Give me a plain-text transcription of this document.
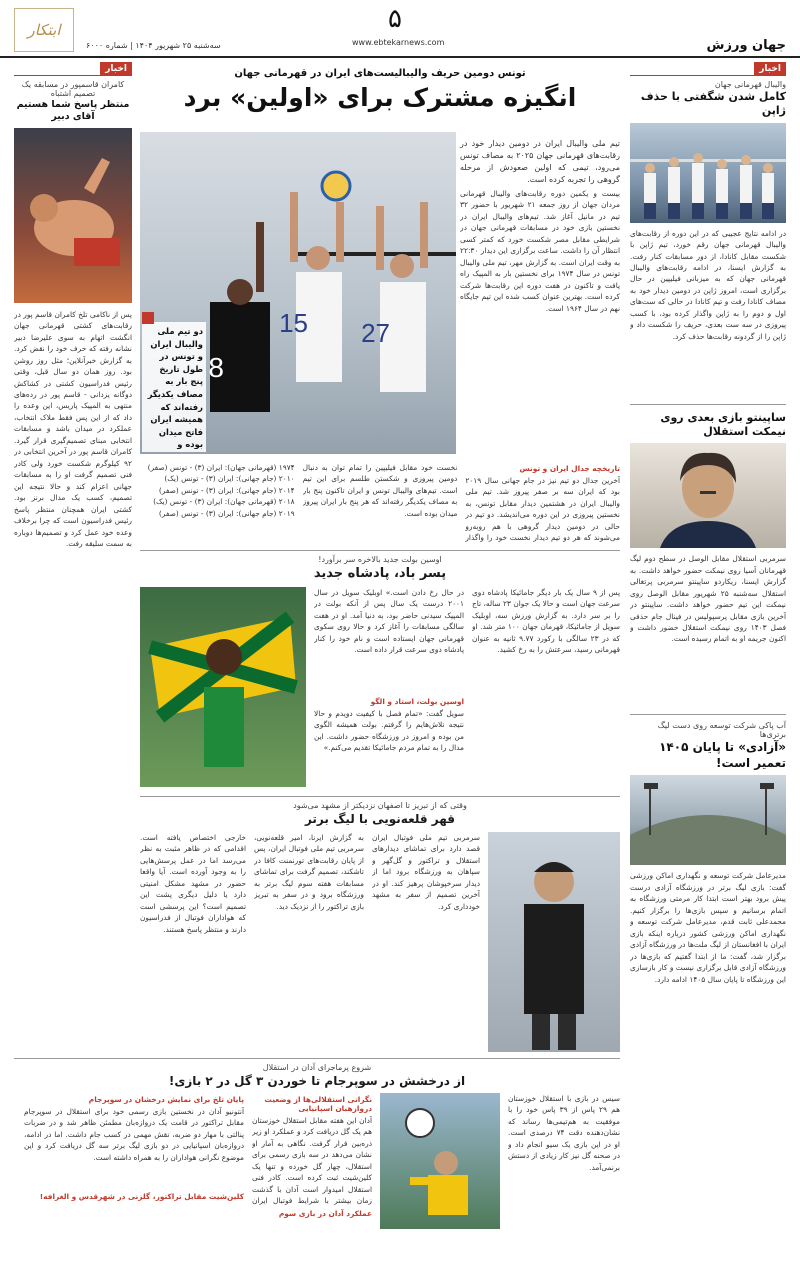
جهان ورزش
۵
www.ebtekarnews.com
سه‌شنبه ۲۵ شهریور ۱۴۰۴ | شماره ۶۰۰۰
ابتکار
اخبار
والیبال قهرمانی جهان
کامل شدن شگفتی با حذف ژاپن
در ادامه نتایج عجیبی که در این دوره از رقابت‌های والیبال قهرمانی جهان رقم خورد، تیم ژاپن با شکست مقابل کانادا، از دور مسابقات کنار رفت. به گزارش ایسنا، در ادامه رقابت‌های والیبال قهرمانی جهان که به میزبانی فیلیپین در حال برگزاری است، امروز ژاپن در دومین دیدار خود به مصاف کانادا رفت و تیم کانادا در حالی که ست‌های اول و دوم را به ژاپن واگذار کرده بود، با کسب پیروزی در سه ست بعدی، حریف را شکست داد و ژاپن را از گردونه رقابت‌ها حذف کرد.
ساپینتو بازی بعدی روی نیمکت استقلال
سرمربی استقلال مقابل الوصل در سطح دوم لیگ قهرمانان آسیا روی نیمکت حضور خواهد داشت. به گزارش ایسنا، ریکاردو ساپینتو سرمربی پرتغالی استقلال سه‌شنبه ۲۵ شهریور مقابل الوصل روی نیمکت این تیم حضور خواهد داشت. ساپینتو در آخرین بازی مقابل پرسپولیس در فینال جام حذفی فصل ۱۴۰۳ روی نیمکت استقلال حضور داشت و اکنون جریمه او به اتمام رسیده است.
آب پاکی شرکت توسعه روی دست لیگ برتری‌ها
«آزادی» تا پایان ۱۴۰۵ تعمیر است!
مدیرعامل شرکت توسعه و نگهداری اماکن ورزشی گفت: بازی لیگ برتر در ورزشگاه آزادی درست پیش برود بهتر است ابتدا کار مرمتی ورزشگاه به اتمام برسانیم و سپس بازی‌ها را برگزار کنیم. محمدعلی ثابت قدم، مدیرعامل شرکت توسعه و نگهداری اماکن ورزشی کشور درباره اینکه بازی ایران با افغانستان از لیگ ملت‌ها در ورزشگاه آزادی برگزار شد، گفت: ما از ابتدا گفتیم که بازی‌ها در ورزشگاه آزادی قابل برگزاری نیست و کار بازسازی این ورزشگاه تا پایان سال ۱۴۰۵ ادامه دارد.
اخبار
کامران قاسمپور در مسابقه یک تصمیم اشتباه
منتظر پاسخ شما هستیم آقای دبیر
پس از ناکامی تلخ کامران قاسم پور در رقابت‌های کشتی قهرمانی جهان انگشت اتهام به سوی علیرضا دبیر نشانه رفته که حرف خود را نقض کرد. به گزارش خبرآنلاین؛ مثل روز روشن بود. روز همان دو سال قبل، وقتی رئیس فدراسیون کشتی در کشاکش دوگانه یزدانی - قاسم پور در رده‌های منتهی به المپیک پاریس، این وعده را داد که از این پس فقط ملاک انتخاب، عملکرد در میدان باشد و مسابقات انتخابی مبنای تصمیم‌گیری قرار گیرد. کامران قاسم پور در آخرین انتخابی در ۹۲ کیلوگرم شکست خورد ولی کادر فنی تصمیم گرفت او را به مسابقات جهانی اعزام کند و حالا نتیجه این تصمیم، کسب یک مدال برنز بود. کشتی ایران همچنان منتظر پاسخ رئیس فدراسیون است که چرا برخلاف وعده خود عمل کرد و تصمیم‌ها دوباره به سمت سلیقه رفت.
تونس دومین حریف والیبالیست‌های ایران در قهرمانی جهان
انگیزه مشترک برای «اولین» برد
15 27
8
دو تیم ملی والیبال ایران و تونس در طول تاریخ پنج بار به مصاف یکدیگر رفته‌اند که همیشه ایران فاتح میدان بوده و
تیم ملی والیبال ایران در دومین دیدار خود در رقابت‌های قهرمانی جهان ۲۰۲۵ به مصاف تونس می‌رود، تیمی که اولین صعودش از مرحله گروهی را تجربه کرده است.
بیست و یکمین دوره رقابت‌های والیبال قهرمانی مردان جهان از روز جمعه ۲۱ شهریور با حضور ۳۲ تیم در مانیل آغاز شد. تیم‌های والیبال ایران در نخستین بازی خود در مسابقات قهرمانی جهان در شرایطی مقابل مصر شکست خورد که کمتر کسی انتظار آن را داشت. ساعت برگزاری این دیدار ۲۲:۳۰ به وقت ایران است. به گزارش مهر، تیم ملی والیبال تونس در سال ۱۹۷۴ برای نخستین بار به المپیک راه یافت و تاکنون در هفت دوره این رقابت‌ها شرکت کرده است. بهترین عنوان کسب شده این تیم جایگاه نهم در سال ۱۹۶۴ است.
تاریخچه جدال ایران و تونس
آخرین جدال دو تیم نیز در جام جهانی سال ۲۰۱۹ بود که ایران سه بر صفر پیروز شد. تیم ملی والیبال ایران در هشتمین دیدار مقابل تونس، به نخستین پیروزی در این دوره می‌اندیشد. دو تیم در حالی در دومین دیدار گروهی با هم روبه‌رو می‌شوند که هر دو تیم دیدار نخست خود را واگذار
نخست خود مقابل فیلیپین را تمام توان به دنبال دومین پیروزی و شکستن طلسم برای این تیم است. تیم‌های والیبال تونس و ایران تاکنون پنج بار به مصاف یکدیگر رفته‌اند که هر پنج بار ایران پیروز میدان بوده است.
۱۹۷۴ (قهرمانی جهان): ایران (۳) - تونس (صفر)
۲۰۱۰ (جام جهانی): ایران (۳) - تونس (یک)
۲۰۱۴ (جام جهانی): ایران (۳) - تونس (صفر)
۲۰۱۸ (قهرمانی جهان): ایران (۳) - تونس (یک)
۲۰۱۹ (جام جهانی): ایران (۳) - تونس (صفر)
اوسین بولت جدید بالاخره سر برآورد!
پسر باد، پادشاه جدید
پس از ۹ سال یک بار دیگر جامائیکا پادشاه دوی سرعت جهان است و حالا یک جوان ۲۳ ساله، تاج را بر سر دارد. به گزارش ورزش سه، اوبلیک سویل از جامائیکا، قهرمان جهان ۱۰۰ متر شد. او که در ۲۳ سالگی با رکورد ۹.۷۷ ثانیه به عنوان قهرمانی رسید، سرعتش را به رخ کشید.
در حال رخ دادن است.» اوبلیک سویل در سال ۲۰۰۱ درست یک سال پس از آنکه بولت در المپیک سیدنی حاضر بود، به دنیا آمد. او در هفت سالگی مسابقات را آغاز کرد و حالا روی سکوی قهرمانی جهان ایستاده است و نام خود را کنار پادشاه دوی سرعت قرار داده است.
اوسین بولت، استاد و الگو
سویل گفت: «تمام فصل با کیفیت دویدم و حالا نتیجه تلاش‌هایم را گرفتم. بولت همیشه الگوی من بوده و امروز در ورزشگاه حضور داشت. این مدال را به تمام مردم جامائیکا تقدیم می‌کنم.»
وقتی که از تبریز تا اصفهان نزدیکتر از مشهد می‌شود
قهر قلعه‌نویی با لیگ برتر
سرمربی تیم ملی فوتبال ایران قصد دارد برای تماشای دیدارهای استقلال و تراکتور و گل‌گهر و سپاهان به ورزشگاه برود اما از دیدار سرخپوشان پرهیز کند. او در آخرین تصمیم از سفر به مشهد خودداری کرد.
به گزارش ایرنا، امیر قلعه‌نویی، سرمربی تیم ملی فوتبال ایران، پس از پایان رقابت‌های تورنمنت کافا در تاشکند، تصمیم گرفت برای تماشای مسابقات هفته سوم لیگ برتر به ورزشگاه برود و در سفر به تبریز بازی تراکتور را از نزدیک دید.
خارجی اختصاص یافته است. اقدامی که در ظاهر مثبت به نظر می‌رسد اما در عمل پرسش‌هایی را به وجود آورده است. آیا واقعا حضور در مشهد مشکل امنیتی دارد یا دلیل دیگری پشت این تصمیم است؟ این پرسشی است که هواداران فوتبال از فدراسیون دارند و منتظر پاسخ هستند.
شروع پرماجرای آدان در استقلال
از درخشش در سوپرجام تا خوردن ۳ گل در ۲ بازی!
سیس در بازی با استقلال خوزستان هم ۲۹ پاس از ۳۹ پاس خود را با موفقیت به هم‌تیمی‌ها رساند که نشان‌دهنده دقت ۷۴ درصدی است. او در این بازی یک سیو انجام داد و در صحنه گل نیز کار زیادی از دستش برنمی‌آمد.
نگرانی استقلالی‌ها از وضعیت دروازهبان اسپانیایی
آدان این هفته مقابل استقلال خوزستان هم یک گل دریافت کرد و عملکرد او زیر ذره‌بین قرار گرفت. نگاهی به آمار او نشان می‌دهد در سه بازی رسمی برای استقلال، چهار گل خورده و تنها یک کلین‌شیت ثبت کرده است. کادر فنی استقلال امیدوار است آدان با گذشت زمان بیشتر با شرایط فوتبال ایران
عملکرد آدان در بازی سوم
پایان تلخ برای نمایش درخشان در سوپرجام
آنتونیو آدان در نخستین بازی رسمی خود برای استقلال در سوپرجام مقابل تراکتور در قامت یک دروازه‌بان مطمئن ظاهر شد و در ضربات پنالتی با مهار دو ضربه، نقش مهمی در کسب جام داشت. اما در ادامه، دروازه‌بان اسپانیایی در دو بازی لیگ برتر سه گل دریافت کرد و این موضوع نگرانی هواداران را به همراه داشته است.
کلین‌شیت مقابل تراکتور، گلزنی در شهرقدس و الغرافه!
